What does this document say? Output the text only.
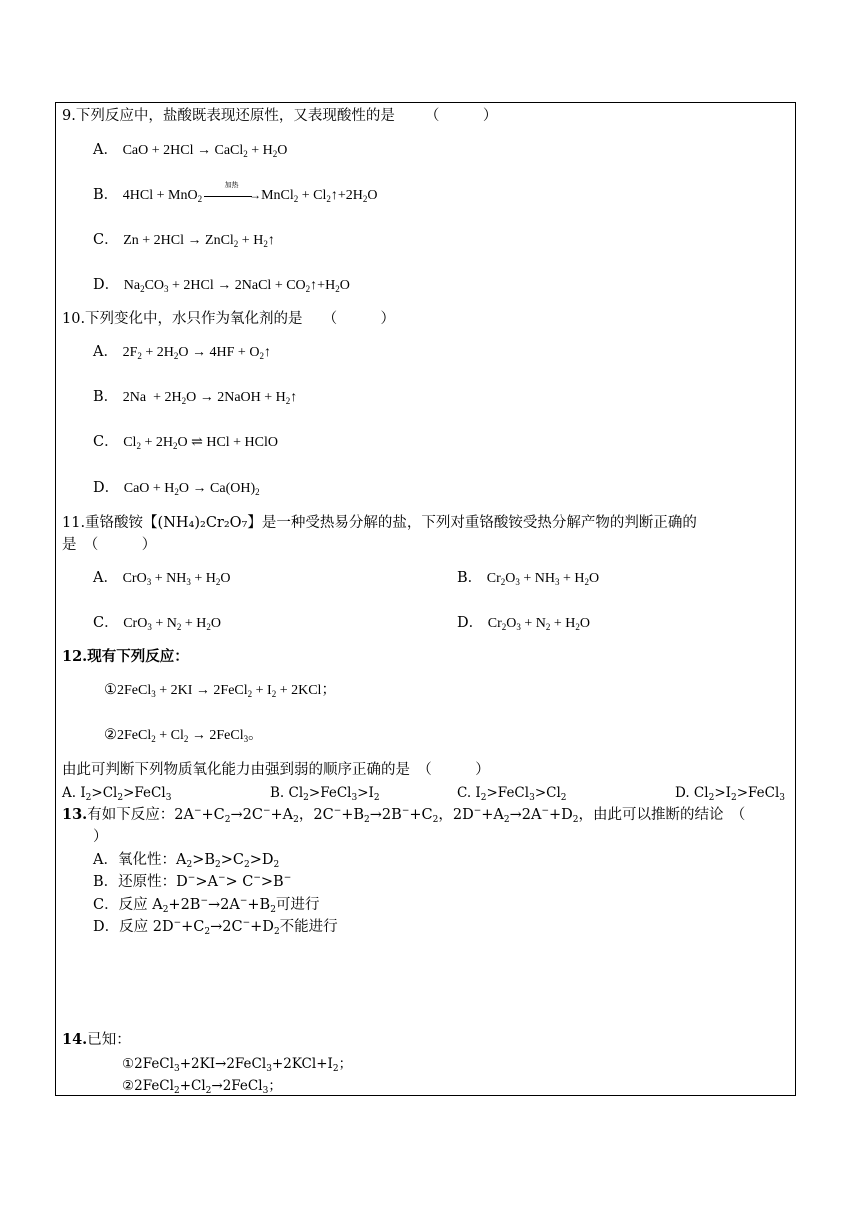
9.下列反应中，盐酸既表现还原性，又表现酸性的是 （　　　）
A． CaO + 2HCl → CaCl$_2$ + $H_2O$
B． 4HCl + MnO$_2$
加热
→ MnCl$_2$ + $Cl_2↑+2H_2O$
C． Zn + 2HCl → ZnCl$_2$ + $H_2↑$
D． $Na_2CO_3 + 2HCl$ → 2NaCl + $CO_2↑+H_2O$
10.下列变化中，水只作为氧化剂的是 （　　　）
A． $2F_2 + 2H_2O \to 4HF$ + $O_2↑$
B． $2Na + 2H_2O$ → 2NaOH + $H_2↑$
C． $Cl_2 + 2H_2O$ ⇌ HCl + HClO
D． CaO + $H_2O \to Ca(OH)_2$
11.重铬酸铵【(NH₄)₂Cr₂O₇】是一种受热易分解的盐，下列对重铬酸铵受热分解产物的判断正确的
是　（　　　）
A． $CrO_3 + NH_3 + H_2O$	B． $Cr_2O_3 + NH_3 + H_2O$
C． $CrO_3 + N_2 + H_2O$	D． $Cr_2O_3 + N_2 + H_2O$
12.现有下列反应：
①2FeCl$_3$ + 2KI → 2FeCl$_2$ + $I_2 + 2KCl$；
②2FeCl$_2$ + $Cl_2$ → 2FeCl$_3$。
由此可判断下列物质氧化能力由强到弱的顺序正确的是　（　　　）
A. $I_2>Cl_2>FeCl_3$	B. $Cl_2>FeCl_3>I_2$	C. $I_2>FeCl_3>Cl_2$	D. $Cl_2>I_2>FeCl_3$
13.有如下反应：$2A^-+C_2\to 2C^-+A_2$，$2C^-+B_2\to 2B^-+C_2$，$2D^-+A_2\to 2A^-+D_2$，由此可以推断的结论　（
）
A．氧化性：$A_2>B_2>C_2>D_2$
B．还原性：D−>A−> C−>B−
C．反应 $A_2+2B^-\to 2A^-+B_2$可进行
D．反应 $2D^-+C_2\to 2C^-+D_2$不能进行
14.已知：
$①2FeCl_3+2KI\to 2FeCl_3+2KCl+I_2$；
$②2FeCl_2+Cl_2\to 2FeCl_3$；
